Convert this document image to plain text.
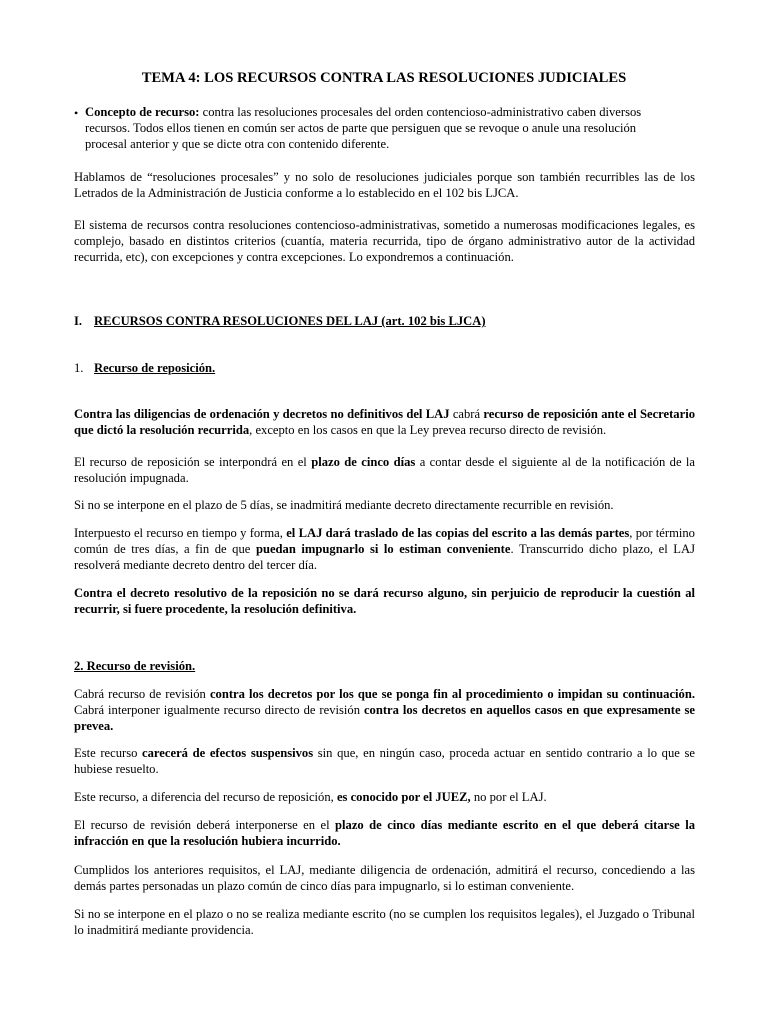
TEMA 4: LOS RECURSOS CONTRA LAS RESOLUCIONES JUDICIALES

• Concepto de recurso: contra las resoluciones procesales del orden contencioso-administrativo caben diversos recursos. Todos ellos tienen en común ser actos de parte que persiguen que se revoque o anule una resolución procesal anterior y que se dicte otra con contenido diferente.

Hablamos de “resoluciones procesales” y no solo de resoluciones judiciales porque son también recurribles las de los Letrados de la Administración de Justicia conforme a lo establecido en el 102 bis LJCA.

El sistema de recursos contra resoluciones contencioso-administrativas, sometido a numerosas modificaciones legales, es complejo, basado en distintos criterios (cuantía, materia recurrida, tipo de órgano administrativo autor de la actividad recurrida, etc), con excepciones y contra excepciones. Lo expondremos a continuación.

I. RECURSOS CONTRA RESOLUCIONES DEL LAJ (art. 102 bis LJCA)

1. Recurso de reposición.

Contra las diligencias de ordenación y decretos no definitivos del LAJ cabrá recurso de reposición ante el Secretario que dictó la resolución recurrida, excepto en los casos en que la Ley prevea recurso directo de revisión.

El recurso de reposición se interpondrá en el plazo de cinco días a contar desde el siguiente al de la notificación de la resolución impugnada.

Si no se interpone en el plazo de 5 días, se inadmitirá mediante decreto directamente recurrible en revisión.

Interpuesto el recurso en tiempo y forma, el LAJ dará traslado de las copias del escrito a las demás partes, por término común de tres días, a fin de que puedan impugnarlo si lo estiman conveniente. Transcurrido dicho plazo, el LAJ resolverá mediante decreto dentro del tercer día.

Contra el decreto resolutivo de la reposición no se dará recurso alguno, sin perjuicio de reproducir la cuestión al recurrir, si fuere procedente, la resolución definitiva.

2. Recurso de revisión.

Cabrá recurso de revisión contra los decretos por los que se ponga fin al procedimiento o impidan su continuación. Cabrá interponer igualmente recurso directo de revisión contra los decretos en aquellos casos en que expresamente se prevea.

Este recurso carecerá de efectos suspensivos sin que, en ningún caso, proceda actuar en sentido contrario a lo que se hubiese resuelto.

Este recurso, a diferencia del recurso de reposición, es conocido por el JUEZ, no por el LAJ.

El recurso de revisión deberá interponerse en el plazo de cinco días mediante escrito en el que deberá citarse la infracción en que la resolución hubiera incurrido.

Cumplidos los anteriores requisitos, el LAJ, mediante diligencia de ordenación, admitirá el recurso, concediendo a las demás partes personadas un plazo común de cinco días para impugnarlo, si lo estiman conveniente.

Si no se interpone en el plazo o no se realiza mediante escrito (no se cumplen los requisitos legales), el Juzgado o Tribunal lo inadmitirá mediante providencia.
